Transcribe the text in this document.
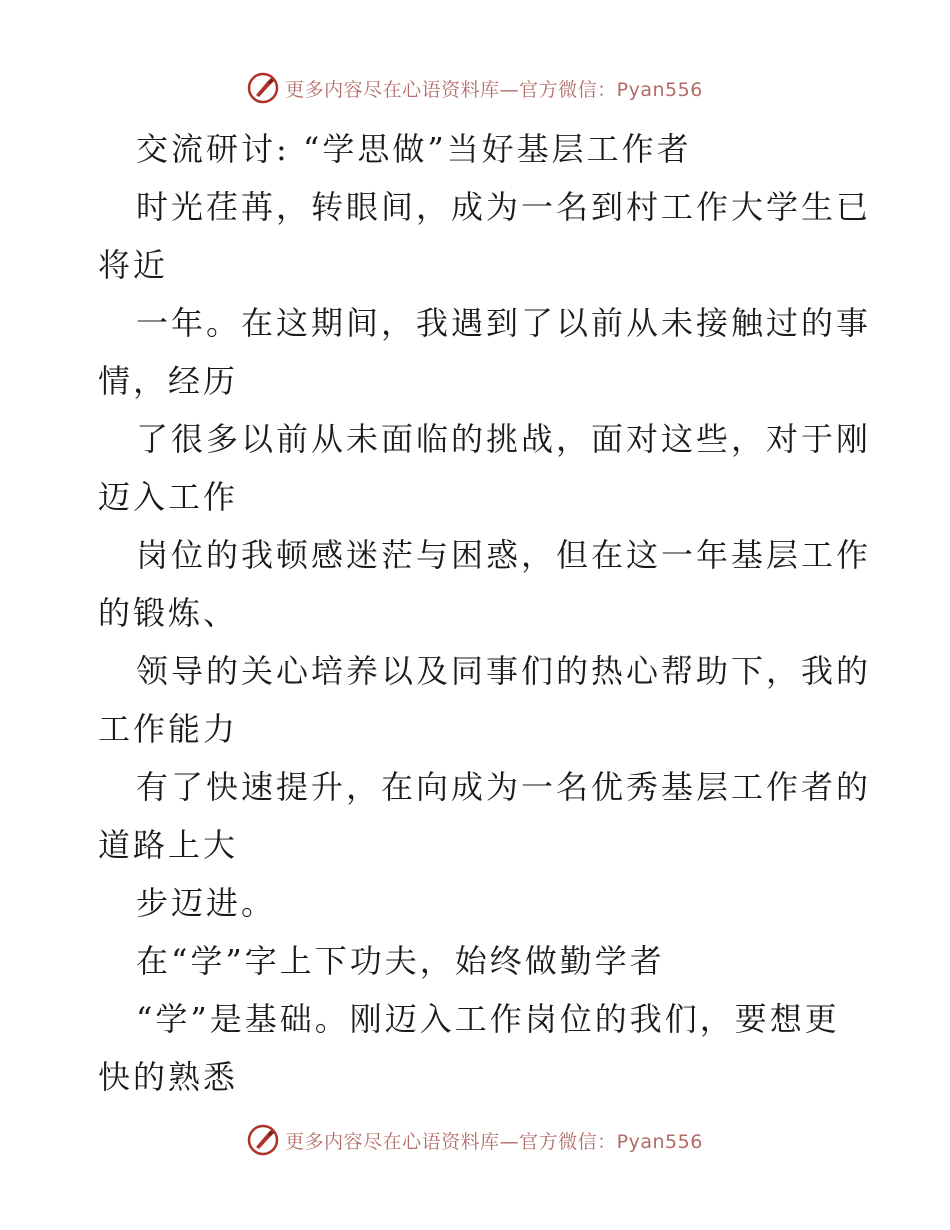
更多内容尽在心语资料库—官方微信：Pyan556
交流研讨: “学思做”当好基层工作者
时光荏苒，转眼间，成为一名到村工作大学生已
将近
一年。在这期间，我遇到了以前从未接触过的事
情，经历
了很多以前从未面临的挑战，面对这些，对于刚
迈入工作
岗位的我顿感迷茫与困惑，但在这一年基层工作
的锻炼、
领导的关心培养以及同事们的热心帮助下，我的
工作能力
有了快速提升，在向成为一名优秀基层工作者的
道路上大
步迈进。
在“学”字上下功夫，始终做勤学者
“学”是基础。刚迈入工作岗位的我们，要想更
快的熟悉
更多内容尽在心语资料库—官方微信：Pyan556
